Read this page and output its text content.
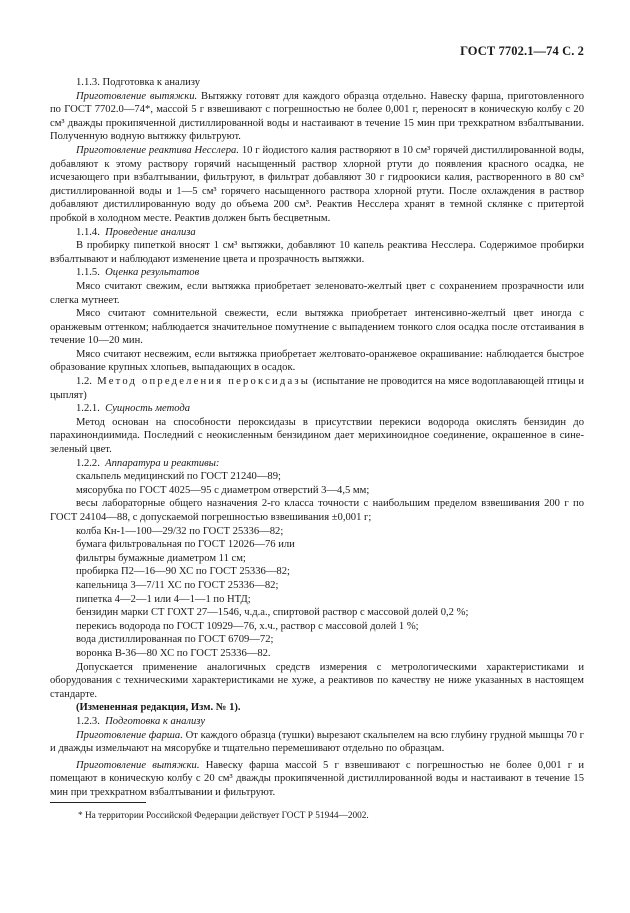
ГОСТ 7702.1—74 С. 2

1.1.3. Подготовка к анализу

Приготовление вытяжки. Вытяжку готовят для каждого образца отдельно. Навеску фарша, приготовленного по ГОСТ 7702.0—74*, массой 5 г взвешивают с погрешностью не более 0,001 г, переносят в коническую колбу с 20 см³ дважды прокипяченной дистиллированной воды и настаивают в течение 15 мин при трехкратном взбалтывании. Полученную водную вытяжку фильтруют.

Приготовление реактива Несслера. 10 г йодистого калия растворяют в 10 см³ горячей дистиллированной воды, добавляют к этому раствору горячий насыщенный раствор хлорной ртути до появления красного осадка, не исчезающего при взбалтывании, фильтруют, в фильтрат добавляют 30 г гидроокиси калия, растворенного в 80 см³ дистиллированной воды и 1—5 см³ горячего насыщенного раствора хлорной ртути. После охлаждения в раствор добавляют дистиллированную воду до объема 200 см³. Реактив Несслера хранят в темной склянке с притертой пробкой в холодном месте. Реактив должен быть бесцветным.

1.1.4. Проведение анализа

В пробирку пипеткой вносят 1 см³ вытяжки, добавляют 10 капель реактива Несслера. Содержимое пробирки взбалтывают и наблюдают изменение цвета и прозрачность вытяжки.

1.1.5. Оценка результатов

Мясо считают свежим, если вытяжка приобретает зеленовато-желтый цвет с сохранением прозрачности или слегка мутнеет.

Мясо считают сомнительной свежести, если вытяжка приобретает интенсивно-желтый цвет иногда с оранжевым оттенком; наблюдается значительное помутнение с выпадением тонкого слоя осадка после отстаивания в течение 10—20 мин.

Мясо считают несвежим, если вытяжка приобретает желтовато-оранжевое окрашивание: наблюдается быстрое образование крупных хлопьев, выпадающих в осадок.

1.2. Метод определения пероксидазы (испытание не проводится на мясе водоплавающей птицы и цыплят)

1.2.1. Сущность метода

Метод основан на способности пероксидазы в присутствии перекиси водорода окислять бензидин до парахинондиимида. Последний с неокисленным бензидином дает мерихиноидное соединение, окрашенное в сине-зеленый цвет.

1.2.2. Аппаратура и реактивы:

скальпель медицинский по ГОСТ 21240—89;

мясорубка по ГОСТ 4025—95 с диаметром отверстий 3—4,5 мм;

весы лабораторные общего назначения 2-го класса точности с наибольшим пределом взвешивания 200 г по ГОСТ 24104—88, с допускаемой погрешностью взвешивания ±0,001 г;

колба Кн-1—100—29/32 по ГОСТ 25336—82;

бумага фильтровальная по ГОСТ 12026—76 или

фильтры бумажные диаметром 11 см;

пробирка П2—16—90 ХС по ГОСТ 25336—82;

капельница 3—7/11 ХС по ГОСТ 25336—82;

пипетка 4—2—1 или 4—1—1 по НТД;

бензидин марки СТ ГОХТ 27—1546, ч.д.а., спиртовой раствор с массовой долей 0,2 %;

перекись водорода по ГОСТ 10929—76, х.ч., раствор с массовой долей 1 %;

вода дистиллированная по ГОСТ 6709—72;

воронка В-36—80 ХС по ГОСТ 25336—82.

Допускается применение аналогичных средств измерения с метрологическими характеристиками и оборудования с техническими характеристиками не хуже, а реактивов по качеству не ниже указанных в настоящем стандарте.

(Измененная редакция, Изм. № 1).

1.2.3. Подготовка к анализу

Приготовление фарша. От каждого образца (тушки) вырезают скальпелем на всю глубину грудной мышцы 70 г и дважды измельчают на мясорубке и тщательно перемешивают отдельно по образцам.

Приготовление вытяжки. Навеску фарша массой 5 г взвешивают с погрешностью не более 0,001 г и помещают в коническую колбу с 20 см³ дважды прокипяченной дистиллированной воды и настаивают в течение 15 мин при трехкратном взбалтывании и фильтруют.

* На территории Российской Федерации действует ГОСТ Р 51944—2002.
